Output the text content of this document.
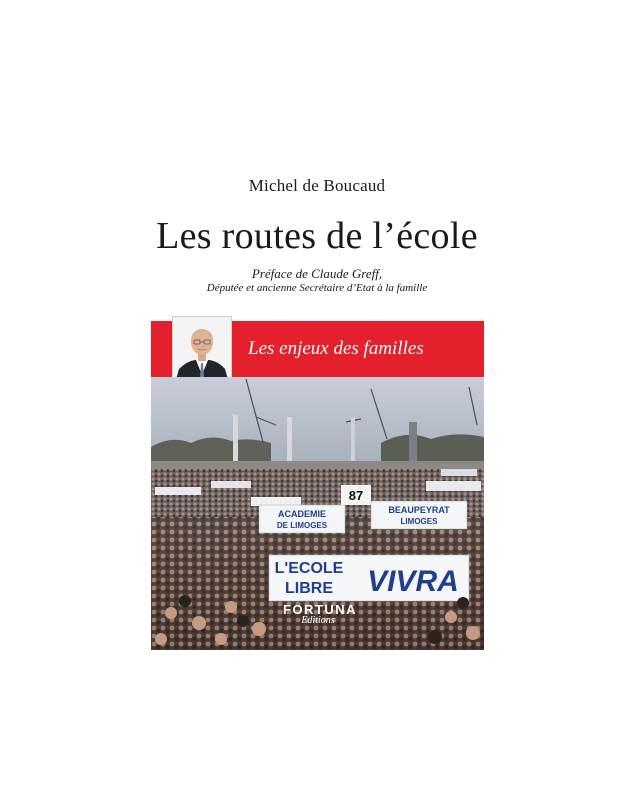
Michel de Boucaud
Les routes de l’école
Préface de Claude Greff,
Députée et ancienne Secrétaire d’Etat à la famille
Les enjeux des familles
ACADEMIE
DE LIMOGES
87
BEAUPEYRAT
LIMOGES
L'ECOLE
LIBRE VIVRA
FORTUNA
Editions
